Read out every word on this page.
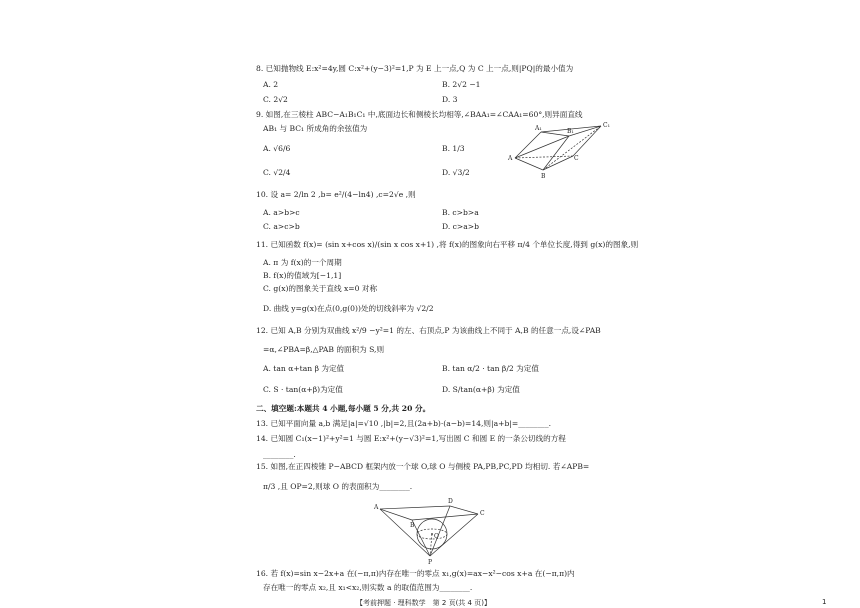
8. 已知抛物线 E:x²=4y,圆 C:x²+(y−3)²=1,P 为 E 上一点,Q 为 C 上一点,则|PQ|的最小值为
A. 2	B. 2√2 −1
C. 2√2	D. 3
9. 如图,在三棱柱 ABC−A₁B₁C₁ 中,底面边长和侧棱长均相等,∠BAA₁=∠CAA₁=60°,则异面直线
AB₁ 与 BC₁ 所成角的余弦值为
A. √6/6	B. 1/3
C. √2/4	D. √3/2
A₁	B₁
C₁
A
B
C
10. 设 a= 2/ln 2 ,b= e²/(4−ln4) ,c=2√e ,则
A. a>b>c	B. c>b>a
C. a>c>b	D. c>a>b
11. 已知函数 f(x)= (sin x+cos x)/(sin x cos x+1) ,将 f(x)的图象向右平移 π/4 个单位长度,得到 g(x)的图象,则
A. π 为 f(x)的一个周期
B. f(x)的值域为[−1,1]
C. g(x)的图象关于直线 x=0 对称
D. 曲线 y=g(x)在点(0,g(0))处的切线斜率为 √2/2
12. 已知 A,B 分别为双曲线 x²/9 −y²=1 的左、右顶点,P 为该曲线上不同于 A,B 的任意一点,设∠PAB
=α,∠PBA=β,△PAB 的面积为 S,则
A. tan α+tan β 为定值	B. tan α/2 · tan β/2 为定值
C. S · tan(α+β)为定值	D. S/tan(α+β) 为定值
二、填空题:本题共 4 小题,每小题 5 分,共 20 分。
13. 已知平面向量 a,b 满足|a|=√10 ,|b|=2,且(2a+b)·(a−b)=14,则|a+b|=________.
14. 已知圆 C₁(x−1)²+y²=1 与圆 E:x²+(y−√3)²=1,写出圆 C 和圆 E 的一条公切线的方程
________.
15. 如图,在正四棱锥 P−ABCD 框架内放一个球 O,球 O 与侧棱 PA,PB,PC,PD 均相切. 若∠APB=
π/3 ,且 OP=2,则球 O 的表面积为________.
A
B
C
D
O
P
16. 若 f(x)=sin x−2x+a 在(−π,π)内存在唯一的零点 x₁,g(x)=ax−x²−cos x+a 在(−π,π)内
存在唯一的零点 x₂,且 x₁<x₂,则实数 a 的取值范围为________.
【考前押题 · 理科数学　第 2 页(共 4 页)】	1
